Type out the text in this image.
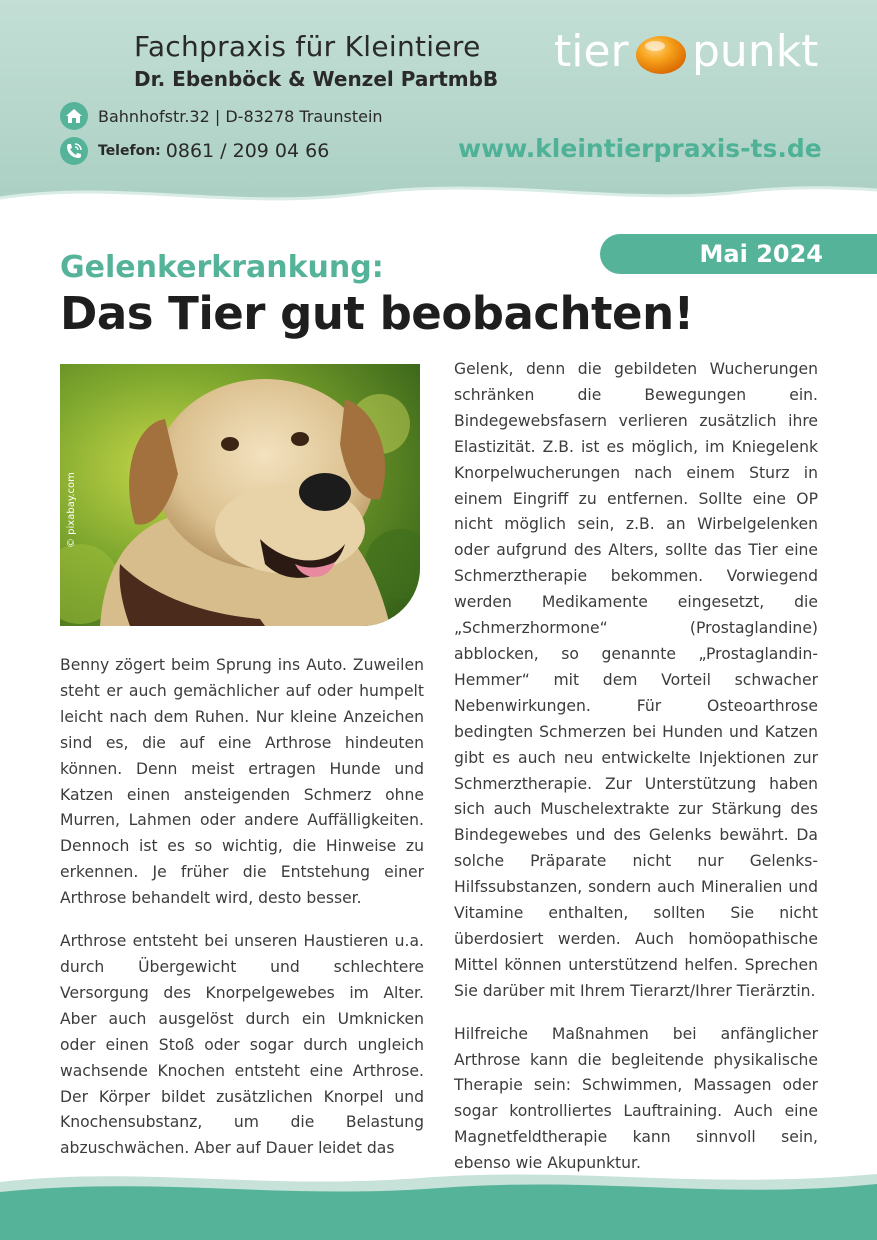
Fachpraxis für Kleintiere
Dr. Ebenböck & Wenzel PartmbB
tier punkt
Bahnhofstr.32 | D-83278 Traunstein
Telefon: 0861 / 209 04 66	www.kleintierpraxis-ts.de
Mai 2024
Gelenkerkrankung:
Das Tier gut beobachten!
© pixabay.com

Benny zögert beim Sprung ins Auto. Zuweilen steht er auch gemächlicher auf oder humpelt leicht nach dem Ruhen. Nur kleine Anzeichen sind es, die auf eine Arthrose hindeuten können. Denn meist ertragen Hunde und Katzen einen ansteigenden Schmerz ohne Murren, Lahmen oder andere Auffälligkeiten. Dennoch ist es so wichtig, die Hinweise zu erkennen. Je früher die Entstehung einer Arthrose behandelt wird, desto besser.

Arthrose entsteht bei unseren Haustieren u.a. durch Übergewicht und schlechtere Versorgung des Knorpelgewebes im Alter. Aber auch ausgelöst durch ein Umknicken oder einen Stoß oder sogar durch ungleich wachsende Knochen entsteht eine Arthrose. Der Körper bildet zusätzlichen Knorpel und Knochensubstanz, um die Belastung abzuschwächen. Aber auf Dauer leidet das

Gelenk, denn die gebildeten Wucherungen schränken die Bewegungen ein. Bindegewebsfasern verlieren zusätzlich ihre Elastizität. Z.B. ist es möglich, im Kniegelenk Knorpelwucherungen nach einem Sturz in einem Eingriff zu entfernen. Sollte eine OP nicht möglich sein, z.B. an Wirbelgelenken oder aufgrund des Alters, sollte das Tier eine Schmerztherapie bekommen. Vorwiegend werden Medikamente eingesetzt, die „Schmerzhormone“ (Prostaglandine) abblocken, so genannte „Prostaglandin-Hemmer“ mit dem Vorteil schwacher Nebenwirkungen. Für Osteoarthrose bedingten Schmerzen bei Hunden und Katzen gibt es auch neu entwickelte Injektionen zur Schmerztherapie. Zur Unterstützung haben sich auch Muschelextrakte zur Stärkung des Bindegewebes und des Gelenks bewährt. Da solche Präparate nicht nur Gelenks-Hilfssubstanzen, sondern auch Mineralien und Vitamine enthalten, sollten Sie nicht überdosiert werden. Auch homöopathische Mittel können unterstützend helfen. Sprechen Sie darüber mit Ihrem Tierarzt/Ihrer Tierärztin.

Hilfreiche Maßnahmen bei anfänglicher Arthrose kann die begleitende physikalische Therapie sein: Schwimmen, Massagen oder sogar kontrolliertes Lauftraining. Auch eine Magnetfeldtherapie kann sinnvoll sein, ebenso wie Akupunktur.
